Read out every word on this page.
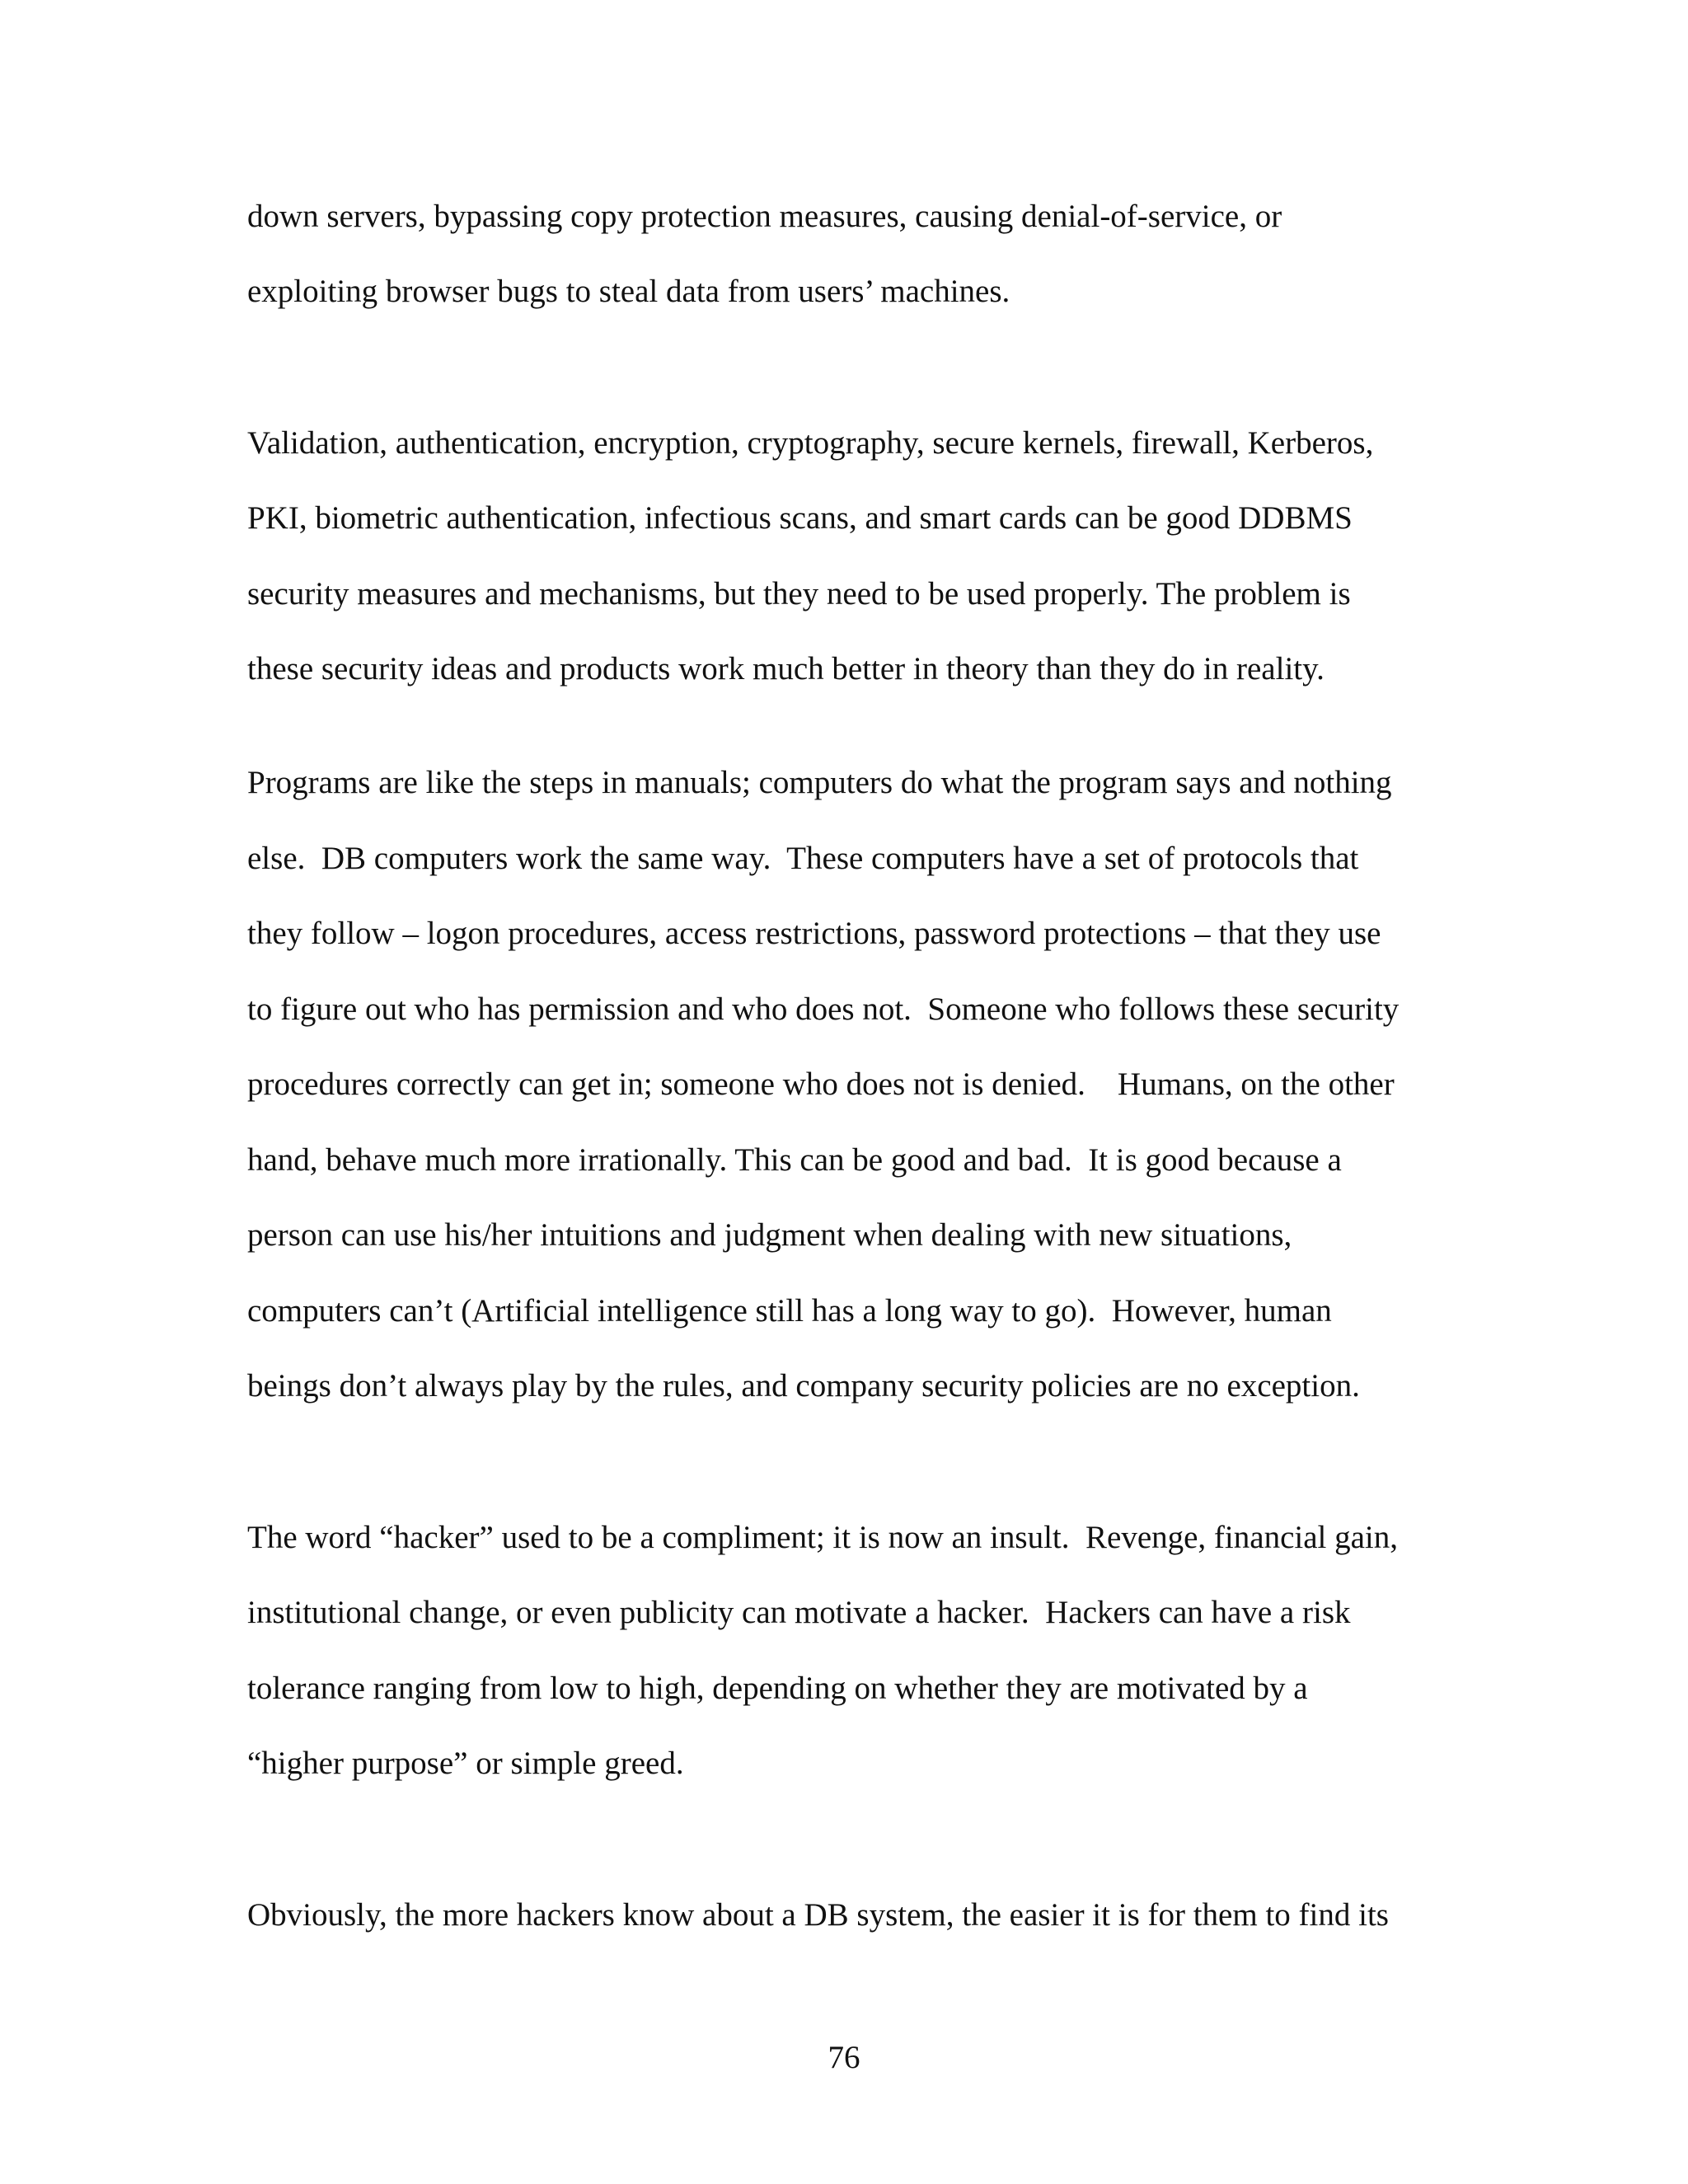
down servers, bypassing copy protection measures, causing denial-of-service, or

exploiting browser bugs to steal data from users’ machines.

Validation, authentication, encryption, cryptography, secure kernels, firewall, Kerberos,

PKI, biometric authentication, infectious scans, and smart cards can be good DDBMS

security measures and mechanisms, but they need to be used properly. The problem is

these security ideas and products work much better in theory than they do in reality.

Programs are like the steps in manuals; computers do what the program says and nothing

else.  DB computers work the same way.  These computers have a set of protocols that

they follow – logon procedures, access restrictions, password protections – that they use

to figure out who has permission and who does not.  Someone who follows these security

procedures correctly can get in; someone who does not is denied.    Humans, on the other

hand, behave much more irrationally. This can be good and bad.  It is good because a

person can use his/her intuitions and judgment when dealing with new situations,

computers can’t (Artificial intelligence still has a long way to go).  However, human

beings don’t always play by the rules, and company security policies are no exception.

The word “hacker” used to be a compliment; it is now an insult.  Revenge, financial gain,

institutional change, or even publicity can motivate a hacker.  Hackers can have a risk

tolerance ranging from low to high, depending on whether they are motivated by a

“higher purpose” or simple greed.

Obviously, the more hackers know about a DB system, the easier it is for them to find its

76
